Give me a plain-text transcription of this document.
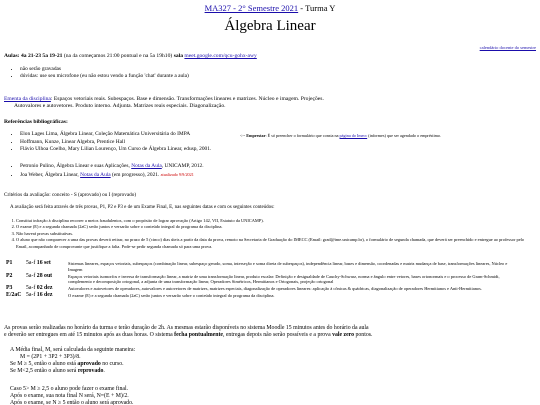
MA327 - 2° Semestre 2021 - Turma Y
Álgebra Linear
calendário docente do semestre
Aulas: 4a 21-23 5a 19-21 (na 4a começamos 21:00 pontual e na 5a 19h10) sala meet.google.com/qcu-gohx-awy
• não serão gravadas
• dúvidas: use seu microfone (eu não estou vendo a função 'chat' durante a aula)
Ementa da disciplina: Espaços vetoriais reais. Subespaços. Base e dimensão. Transformações lineares e matrizes. Núcleo e imagem. Projeções.
Autovalores e autovetores. Produto interno. Adjunta. Matrizes reais especiais. Diagonalização.
Referências bibliográficas:
• Elon Lages Lima, Álgebra Linear, Coleção Matemática Universitária do IMPA
• Hoffmann, Kunze, Linear Algebra, Prentice Hall
• Flávio Ulhoa Coelho, Mary Lilian Lourenço, Um Curso de Álgebra Linear, edusp, 2001.
<-- Emprestar: É só preencher o formulário que consta na página do Imecc (informes) que ser agendado o empréstimo.
• Petronio Pulino, Álgebra Linear e suas Aplicações, Notas da Aula, UNICAMP, 2012.
• Joa Weber, Álgebra Linear, Notas da Aula (em progresso), 2021. atualizado 9/9/2021
Critérios da avaliação: conceito - S (aprovado) ou I (reprovado)
A avaliação será feita através de três provas, P1, P2 e P3 e de um Exame Final, E, nas seguintes datas e com os seguintes conteúdos:
1. Constitui infração à disciplina recorrer a meios fraudulentos, com o propósito de lograr aprovação (Artigo 142, VII, Estatuto da UNICAMP).
2. O exame (E) e a segunda chamada (2aC) serão juntos e versarão sobre o conteúdo integral do programa da disciplina.
3. Não haverá provas substitutivas.
4. O aluno que não comparecer a uma das provas deverá retirar, no prazo de 5 (cinco) dias úteis a partir da data da prova, remoto na Secretaria de Graduação do IMECC (Email: grad@ime.unicamp.br), o formulário de segunda chamada, que deverá ser preenchido e entregue ao professor pelo Email, acompanhado de comprovante que justifique a falta. Pode-se pedir segunda chamada só para uma prova.
P1	5a-f 16 set	Sistemas lineares, espaços vetoriais, subespaços (combinação linear, subespaço gerado, soma, interseção e soma direta de subespaços), independência linear, bases e dimensão, coordenadas e matriz mudança de base, transformações lineares, Núcleo e Imagem
P2	5a-f 28 out	Espaços vetoriais isomorfos e inversa de transformação linear, a matriz de uma transformação linear, produto escalar: Definição e desigualdade de Cauchy-Schwarz, norma e ângulo entre vetores, bases ortonormais e o processo de Gram-Schmidt, complemento e decomposição ortogonal, a adjunta de uma transformação linear, Operadores Simétricos, Hermitianos e Ortogonais, projeção ortogonal
P3	5a-f 02 dez	Autovalores e autovetores de operadores, autovalores e autovetores de matrizes, matrizes especiais, diagonalização de operadores lineares: aplicação à cônicas & quádricas, diagonalização de operadores Hermitianos e Anti-Hermitianos.
E/2aC	5a-f 16 dez	O exame (E) e a segunda chamada (2aC) serão juntos e versarão sobre o conteúdo integral do programa da disciplina.
As provas serão realizadas no horário da turma e terão duração de 2h. As mesmas estarão disponíveis no sistema Moodle 15 minutos antes do horário da aula
e deverão ser entregues em até 15 minutos após as duas horas. O sistema fecha pontualmente, entregas depois não serão possíveis e a prova vale zero pontos.
A Média final, M, será calculada da seguinte maneira:
M = (2P1 + 3P2 + 3P3)/8.
Se M ≥ 5, então o aluno está aprovado no curso.
Se M<2,5 então o aluno será reprovado.
Caso 5> M ≥ 2,5 o aluno pode fazer o exame final.
Após o exame, sua nota final N será, N=(E + M)/2.
Após o exame, se N ≥ 5 então o aluno será aprovado.
